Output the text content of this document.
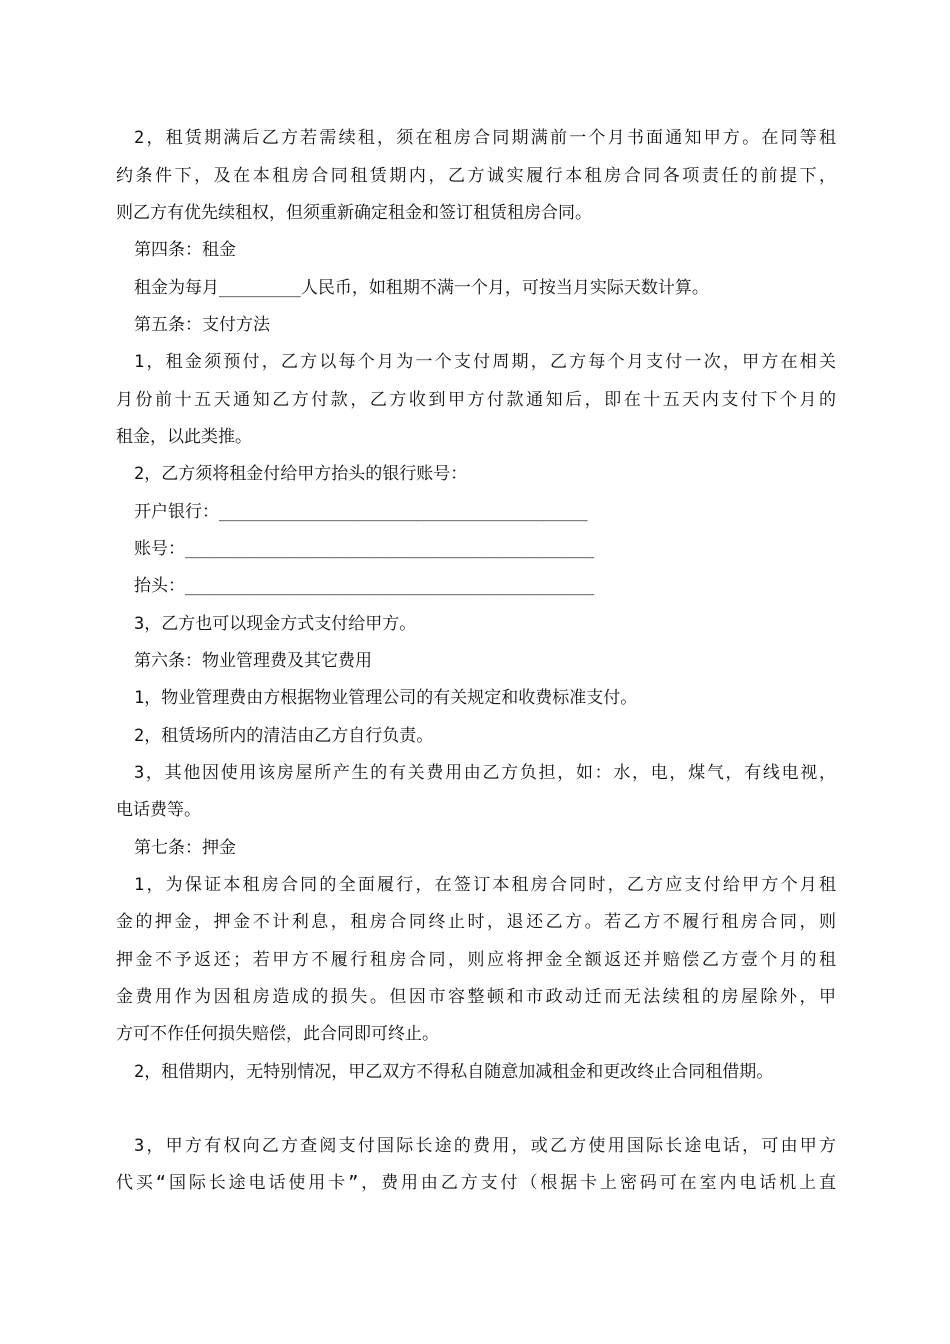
2，租赁期满后乙方若需续租，须在租房合同期满前一个月书面通知甲方。在同等租
约条件下，及在本租房合同租赁期内，乙方诚实履行本租房合同各项责任的前提下，
则乙方有优先续租权，但须重新确定租金和签订租赁租房合同。
第四条：租金
租金为每月________人民币，如租期不满一个月，可按当月实际天数计算。
第五条：支付方法
1，租金须预付，乙方以每个月为一个支付周期，乙方每个月支付一次，甲方在相关
月份前十五天通知乙方付款，乙方收到甲方付款通知后，即在十五天内支付下个月的
租金，以此类推。
2，乙方须将租金付给甲方抬头的银行账号：
开户银行：____________________________________
账号：________________________________________
抬头：________________________________________
3，乙方也可以现金方式支付给甲方。
第六条：物业管理费及其它费用
1，物业管理费由方根据物业管理公司的有关规定和收费标准支付。
2，租赁场所内的清洁由乙方自行负责。
3，其他因使用该房屋所产生的有关费用由乙方负担，如：水，电，煤气，有线电视，
电话费等。
第七条：押金
1，为保证本租房合同的全面履行，在签订本租房合同时，乙方应支付给甲方个月租
金的押金，押金不计利息，租房合同终止时，退还乙方。若乙方不履行租房合同，则
押金不予返还；若甲方不履行租房合同，则应将押金全额返还并赔偿乙方壹个月的租
金费用作为因租房造成的损失。但因市容整顿和市政动迁而无法续租的房屋除外，甲
方可不作任何损失赔偿，此合同即可终止。
2，租借期内，无特别情况，甲乙双方不得私自随意加减租金和更改终止合同租借期。
3，甲方有权向乙方查阅支付国际长途的费用，或乙方使用国际长途电话，可由甲方
代买“国际长途电话使用卡”，费用由乙方支付（根据卡上密码可在室内电话机上直
